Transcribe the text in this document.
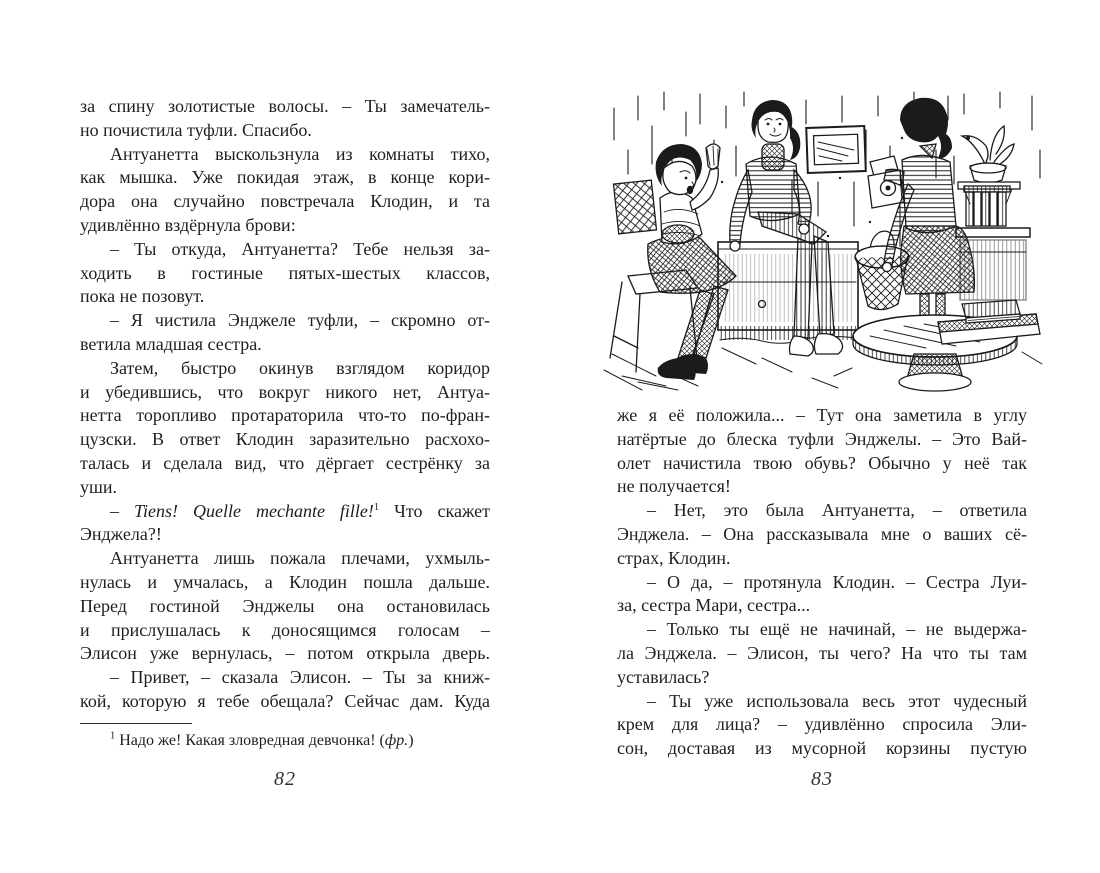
за спину золотистые волосы. – Ты замечатель-
но почистила туфли. Спасибо.
Антуанетта выскользнула из комнаты тихо,
как мышка. Уже покидая этаж, в конце кори-
дора она случайно повстречала Клодин, и та
удивлённо вздёрнула брови:
– Ты откуда, Антуанетта? Тебе нельзя за-
ходить в гостиные пятых-шестых классов,
пока не позовут.
– Я чистила Энджеле туфли, – скромно от-
ветила младшая сестра.
Затем, быстро окинув взглядом коридор
и убедившись, что вокруг никого нет, Антуа-
нетта торопливо протараторила что-то по-фран-
цузски. В ответ Клодин заразительно расхохо-
талась и сделала вид, что дёргает сестрёнку за
уши.
– Tiens! Quelle mechante fille!$^1$ Что скажет
Энджела?!
Антуанетта лишь пожала плечами, ухмыль-
нулась и умчалась, а Клодин пошла дальше.
Перед гостиной Энджелы она остановилась
и прислушалась к доносящимся голосам –
Элисон уже вернулась, – потом открыла дверь.
– Привет, – сказала Элисон. – Ты за книж-
кой, которую я тебе обещала? Сейчас дам. Куда
$^1$ Надо же! Какая зловредная девчонка! (фр.)
же я её положила... – Тут она заметила в углу
натёртые до блеска туфли Энджелы. – Это Вай-
олет начистила твою обувь? Обычно у неё так
не получается!
– Нет, это была Антуанетта, – ответила
Энджела. – Она рассказывала мне о ваших сё-
страх, Клодин.
– О да, – протянула Клодин. – Сестра Луи-
за, сестра Мари, сестра...
– Только ты ещё не начинай, – не выдержа-
ла Энджела. – Элисон, ты чего? На что ты там
уставилась?
– Ты уже использовала весь этот чудесный
крем для лица? – удивлённо спросила Эли-
сон, доставая из мусорной корзины пустую
82	83
